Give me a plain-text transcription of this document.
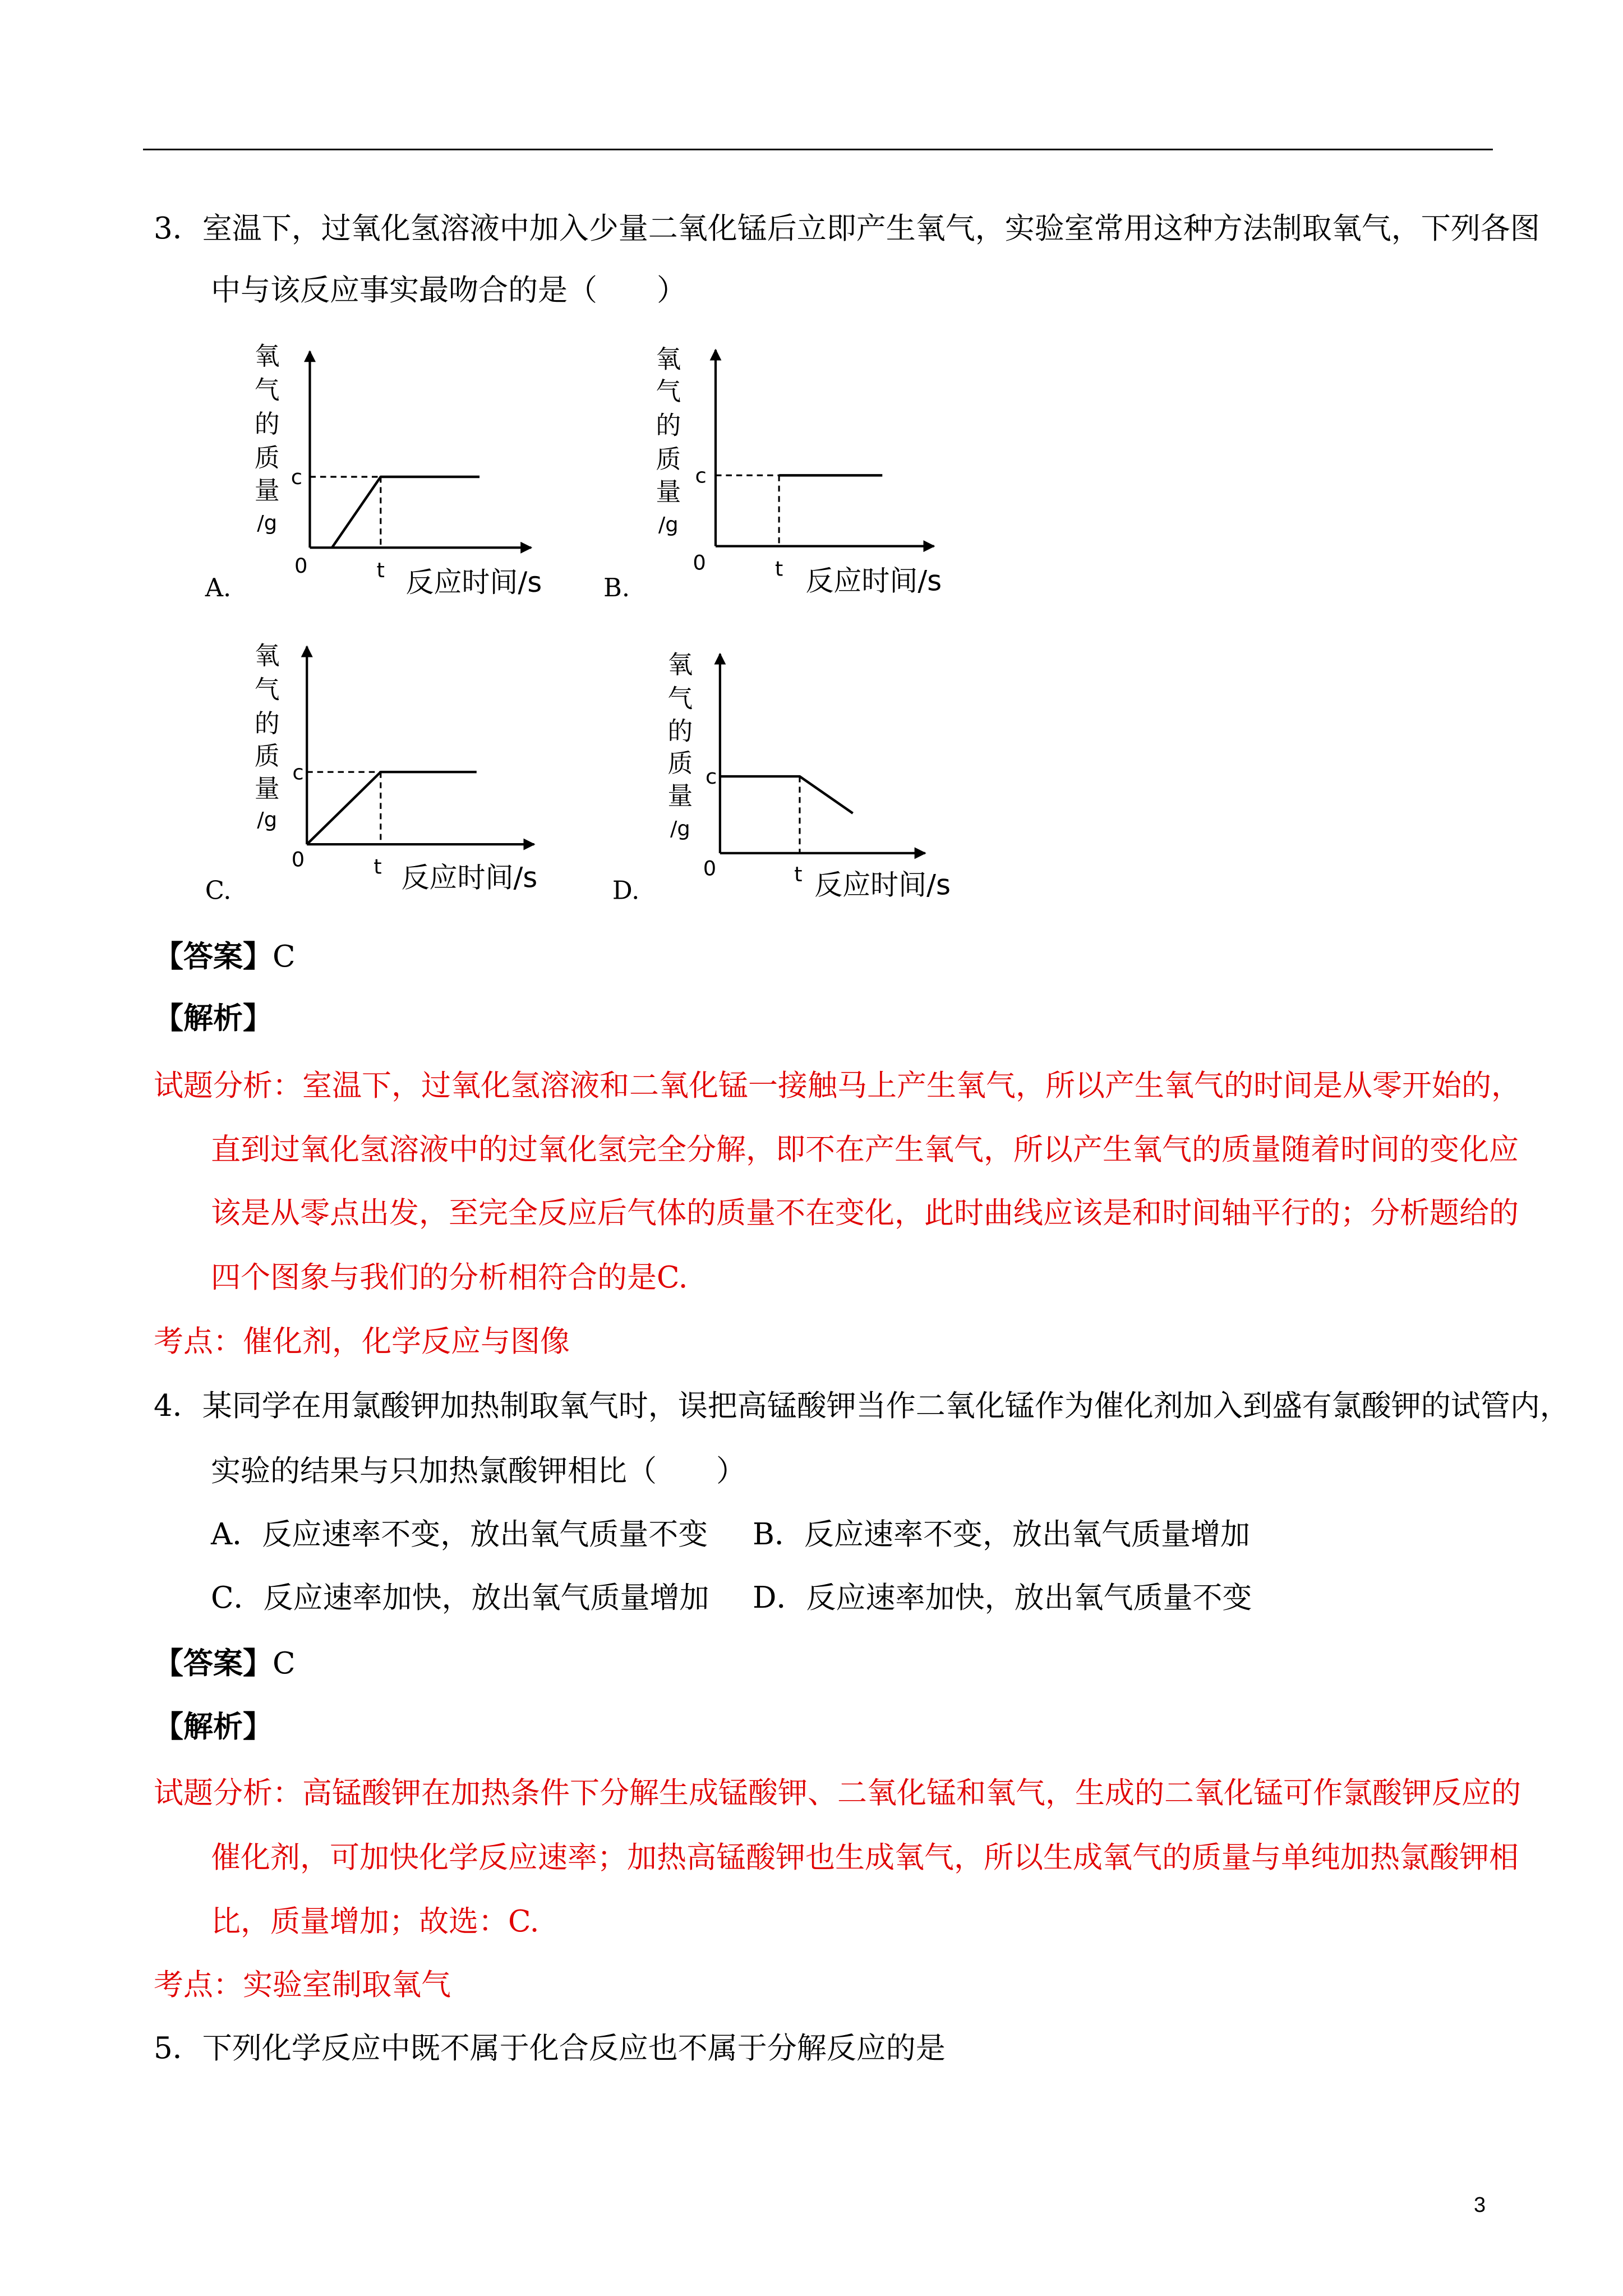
3．室温下，过氧化氢溶液中加入少量二氧化锰后立即产生氧气，实验室常用这种方法制取氧气，下列各图
中与该反应事实最吻合的是（　　）
c
0	t 反应时间/s
氧
气
的
质
量
/g
A.
c
0	t 反应时间/s
氧
气
的
质
量
/g
B.
c
0	t 反应时间/s
氧
气
的
质
量
/g
C.
c
0	t 反应时间/s
氧
气
的
质
量
/g
D.
【答案】C
【解析】
试题分析：室温下，过氧化氢溶液和二氧化锰一接触马上产生氧气，所以产生氧气的时间是从零开始的，
直到过氧化氢溶液中的过氧化氢完全分解，即不在产生氧气，所以产生氧气的质量随着时间的变化应
该是从零点出发，至完全反应后气体的质量不在变化，此时曲线应该是和时间轴平行的；分析题给的
四个图象与我们的分析相符合的是C.
考点：催化剂，化学反应与图像
4．某同学在用氯酸钾加热制取氧气时，误把高锰酸钾当作二氧化锰作为催化剂加入到盛有氯酸钾的试管内，
实验的结果与只加热氯酸钾相比（　　）
A．反应速率不变，放出氧气质量不变 B．反应速率不变，放出氧气质量增加
C．反应速率加快，放出氧气质量增加 D．反应速率加快，放出氧气质量不变
【答案】C
【解析】
试题分析：高锰酸钾在加热条件下分解生成锰酸钾、二氧化锰和氧气，生成的二氧化锰可作氯酸钾反应的
催化剂，可加快化学反应速率；加热高锰酸钾也生成氧气，所以生成氧气的质量与单纯加热氯酸钾相
比，质量增加；故选：C.
考点：实验室制取氧气
5．下列化学反应中既不属于化合反应也不属于分解反应的是
3
